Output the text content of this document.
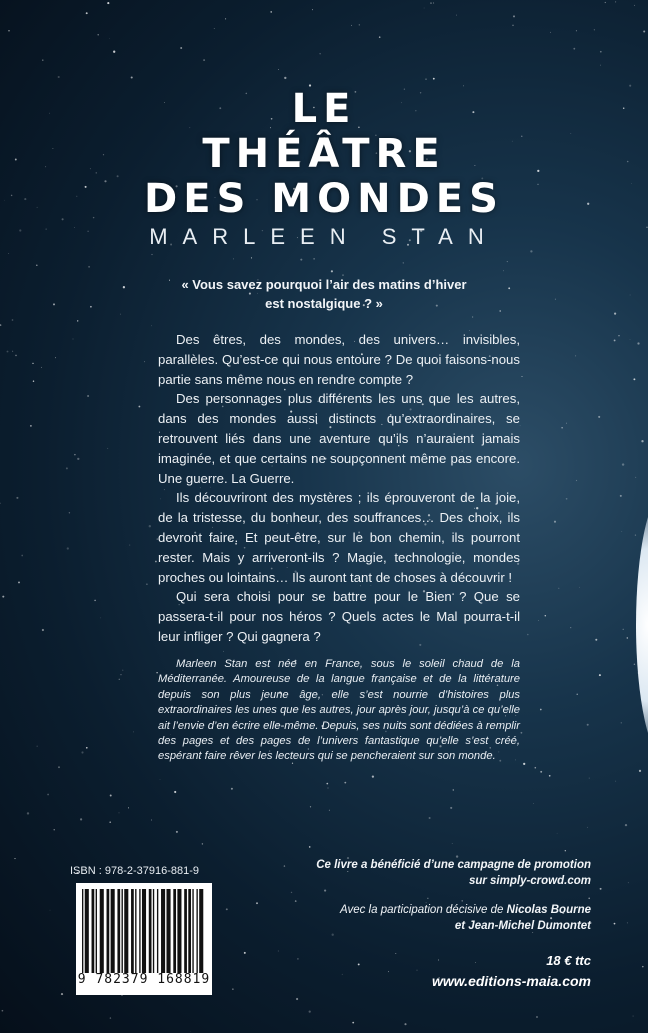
LE
THÉÂTRE
DES MONDES
MARLEEN STAN
« Vous savez pourquoi l’air des matins d’hiver est nostalgique ? »

Des êtres, des mondes, des univers… invisibles, parallèles. Qu’est-ce qui nous entoure ? De quoi faisons-nous partie sans même nous en rendre compte ?

Des personnages plus différents les uns que les autres, dans des mondes aussi distincts qu’extraordinaires, se retrouvent liés dans une aventure qu’ils n’auraient jamais imaginée, et que certains ne soupçonnent même pas encore. Une guerre. La Guerre.

Ils découvriront des mystères ; ils éprouveront de la joie, de la tristesse, du bonheur, des souffrances… Des choix, ils devront faire. Et peut-être, sur le bon chemin, ils pourront rester. Mais y arriveront-ils ? Magie, technologie, mondes proches ou lointains… Ils auront tant de choses à découvrir !

Qui sera choisi pour se battre pour le Bien ? Que se passera-t-il pour nos héros ? Quels actes le Mal pourra-t-il leur infliger ? Qui gagnera ?

Marleen Stan est née en France, sous le soleil chaud de la Méditerranée. Amoureuse de la langue française et de la littérature depuis son plus jeune âge, elle s’est nourrie d’histoires plus extraordinaires les unes que les autres, jour après jour, jusqu’à ce qu’elle ait l’envie d’en écrire elle-même. Depuis, ses nuits sont dédiées à remplir des pages et des pages de l’univers fantastique qu’elle s’est créé, espérant faire rêver les lecteurs qui se pencheraient sur son monde.

ISBN : 978-2-37916-881-9
9 782379 168819
Ce livre a bénéficié d’une campagne de promotion
sur simply-crowd.com
Avec la participation décisive de Nicolas Bourne
et Jean-Michel Dumontet
18 € ttc
www.editions-maia.com
